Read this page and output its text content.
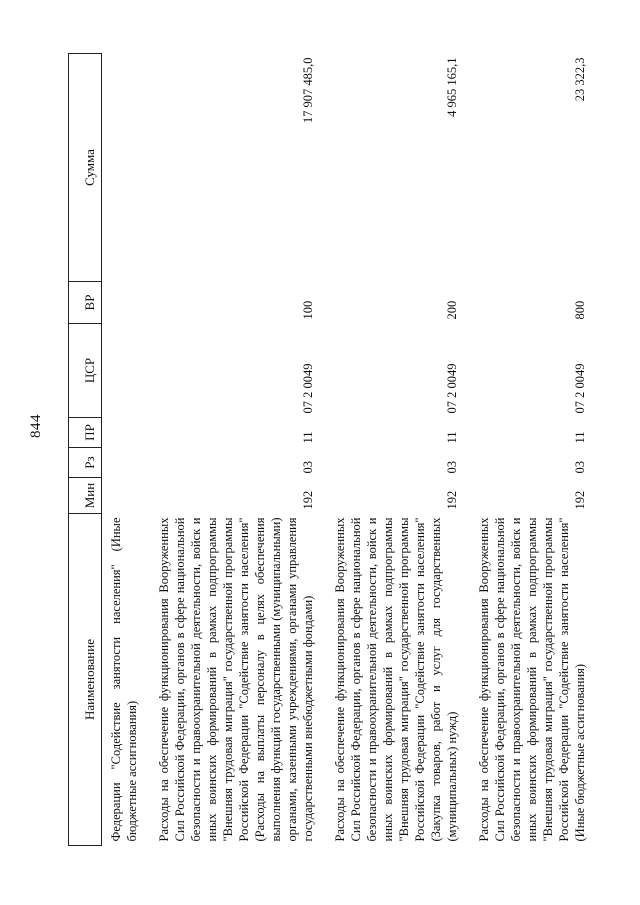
844
Наименование	Мин	Рз	ПР	ЦСР	ВР	Сумма
Федерации "Содействие занятости населения" (Иные бюджетные ассигнования)						

Расходы на обеспечение функционирования Вооруженных Сил Российской Федерации, органов в сфере национальной безопасности и правоохранительной деятельности, войск и иных воинских формирований в рамках подпрограммы "Внешняя трудовая миграция" государственной программы Российской Федерации "Содействие занятости населения" (Расходы на выплаты персоналу в целях обеспечения выполнения функций государственными (муниципальными) органами, казенными учреждениями, органами управления государственными внебюджетными фондами)	192	03	11	07 2 0049	100	17 907 485,0

Расходы на обеспечение функционирования Вооруженных Сил Российской Федерации, органов в сфере национальной безопасности и правоохранительной деятельности, войск и иных воинских формирований в рамках подпрограммы "Внешняя трудовая миграция" государственной программы Российской Федерации "Содействие занятости населения" (Закупка товаров, работ и услуг для государственных (муниципальных) нужд)	192	03	11	07 2 0049	200	4 965 165,1

Расходы на обеспечение функционирования Вооруженных Сил Российской Федерации, органов в сфере национальной безопасности и правоохранительной деятельности, войск и иных воинских формирований в рамках подпрограммы "Внешняя трудовая миграция" государственной программы Российской Федерации "Содействие занятости населения" (Иные бюджетные ассигнования)	192	03	11	07 2 0049	800	23 322,3
